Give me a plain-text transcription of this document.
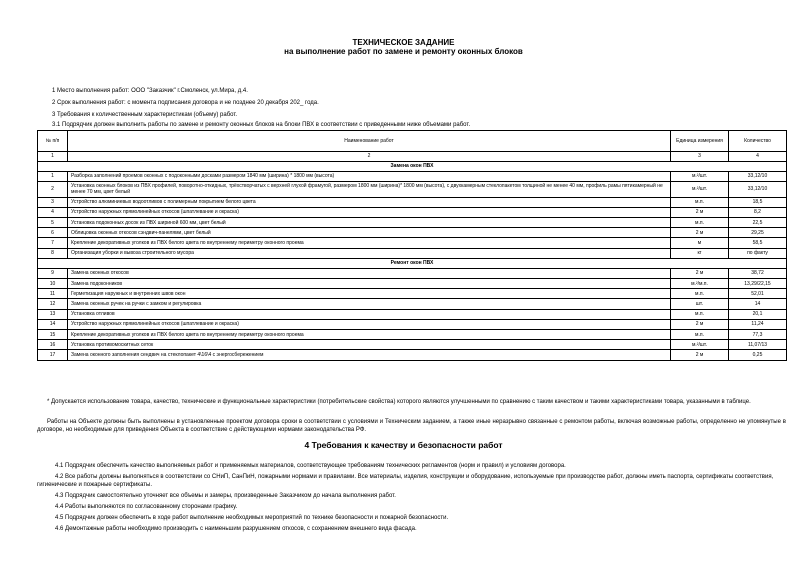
ТЕХНИЧЕСКОЕ ЗАДАНИЕ
на выполнение работ по замене и ремонту оконных блоков
1 Место выполнения работ: ООО "Заказчик" г.Смоленск, ул.Мира, д.4.
2 Срок выполнения работ: с момента подписания договора и не позднее 20 декабря 202_ года.
3 Требования к количественным характеристикам (объему) работ.
3.1 Подрядчик должен выполнить работы по замене и ремонту оконных блоков на блоки ПВХ в соответствии с приведенными ниже объемами работ.
№ п/п	Наименование работ	Единица измерения	Количество
1	2	3	4
Замена окон ПВХ			
1	Разборка заполнений проемов оконных с подоконными досками размером 1840 мм (ширина) * 1800 мм (высота)	м.²/шт.	33,12/10
2	Установка оконных блоков из ПВХ профилей, поворотно-откидных, трёхстворчатых с верхней глухой фрамугой, размером 1800 мм (ширина)* 1800 мм (высота), с двухкамерным стеклопакетом толщиной не менее 40 мм, профиль рамы пятикамерный не менее 70 мм, цвет белый	м.²/шт.	33,12/10
3	Устройство алюминиевых водоотливов с полимерным покрытием белого цвета	м.п.	18,5
4	Устройство наружных прямолинейных откосов (шпатлевание и окраска)	2 м	8,2
5	Установка подоконных досок из ПВХ шириной 600 мм, цвет белый	м.п.	22,5
6	Облицовка оконных откосов сэндвич-панелями, цвет белый	2 м	29,25
7	Крепление декоративных уголков из ПВХ белого цвета по внутреннему периметру оконного проема	м	58,5
8	Организация уборки и вывоза строительного мусора	кг	по факту
Ремонт окон ПВХ			
9	Замена оконных откосов	2 м	38,72
10	Замена подоконников	м.²/м.п.	13,29/22,15
11	Герметизация наружных и внутренних швов окон	м.п.	52,01
12	Замена оконных ручек на ручки с замком и регулировка	шт.	14
13	Установка отливов	м.п.	20,1
14	Устройство наружных прямолинейных откосов (шпатлевание и окраска)	2 м	11,24
15	Крепление декоративных уголков из ПВХ белого цвета по внутреннему периметру оконного проема	м.п.	77,3
16	Установка противомоскитных сеток	м.²/шт.	11,07/13
17	Замена оконного заполнения сендвич на стеклопакет 4\16\4 с энергосбережением	2 м	0,25
* Допускается использование товара, качество, технические и функциональные характеристики (потребительские свойства) которого являются улучшенными по сравнению с таким качеством и такими характеристиками товара, указанными в таблице.
Работы на Объекте должны быть выполнены в установленные проектом договора сроки в соответствии с условиями и Техническим заданием, а также иные неразрывно связанные с ремонтом работы, включая возможные работы, определенно не упомянутые в договоре, но необходимые для приведения Объекта в соответствие с действующими нормами законодательства РФ.
4 Требования к качеству и безопасности работ
4.1 Подрядчик обеспечить качество выполняемых работ и применяемых материалов, соответствующее требованиям технических регламентов (норм и правил) и условиям договора.
4.2 Все работы должны выполняться в соответствии со СНиП, СанПиН, пожарными нормами и правилами. Все материалы, изделия, конструкции и оборудование, используемые при производстве работ, должны иметь паспорта, сертификаты соответствия, гигиенические и пожарные сертификаты.
4.3 Подрядчик самостоятельно уточняет все объемы и замеры, произведенные Заказчиком до начала выполнения работ.
4.4 Работы выполняются по согласованному сторонами графику.
4.5 Подрядчик должен обеспечить в ходе работ выполнение необходимых мероприятий по технике безопасности и пожарной безопасности.
4.6 Демонтажные работы необходимо производить с наименьшим разрушением откосов, с сохранением внешнего вида фасада.
